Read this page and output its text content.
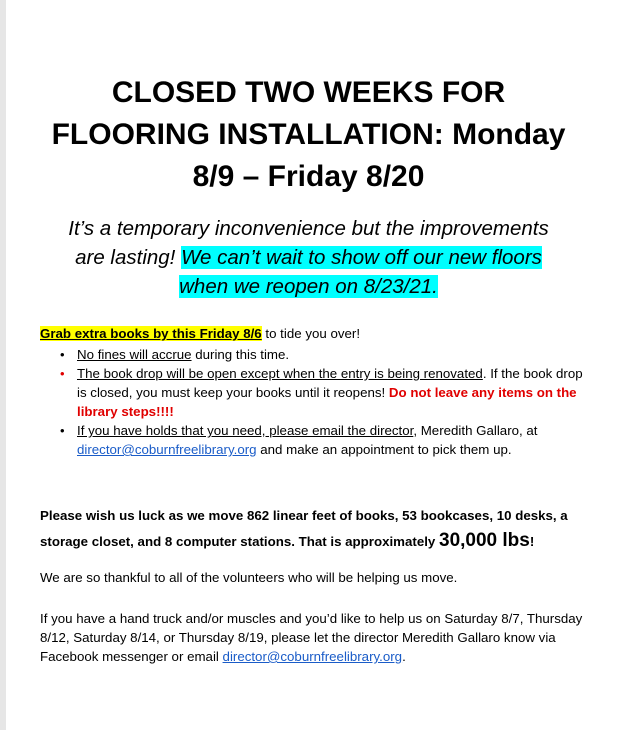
CLOSED TWO WEEKS FOR
FLOORING INSTALLATION: Monday
8/9 – Friday 8/20
It’s a temporary inconvenience but the improvements
are lasting! We can’t wait to show off our new floors
when we reopen on 8/23/21.
Grab extra books by this Friday 8/6 to tide you over!
• No fines will accrue during this time.
• The book drop will be open except when the entry is being renovated. If the book drop is closed, you must keep your books until it reopens! Do not leave any items on the library steps!!!!
• If you have holds that you need, please email the director, Meredith Gallaro, at director@coburnfreelibrary.org and make an appointment to pick them up.
Please wish us luck as we move 862 linear feet of books, 53 bookcases, 10 desks, a storage closet, and 8 computer stations. That is approximately 30,000 lbs!
We are so thankful to all of the volunteers who will be helping us move.
If you have a hand truck and/or muscles and you’d like to help us on Saturday 8/7, Thursday 8/12, Saturday 8/14, or Thursday 8/19, please let the director Meredith Gallaro know via Facebook messenger or email director@coburnfreelibrary.org.
